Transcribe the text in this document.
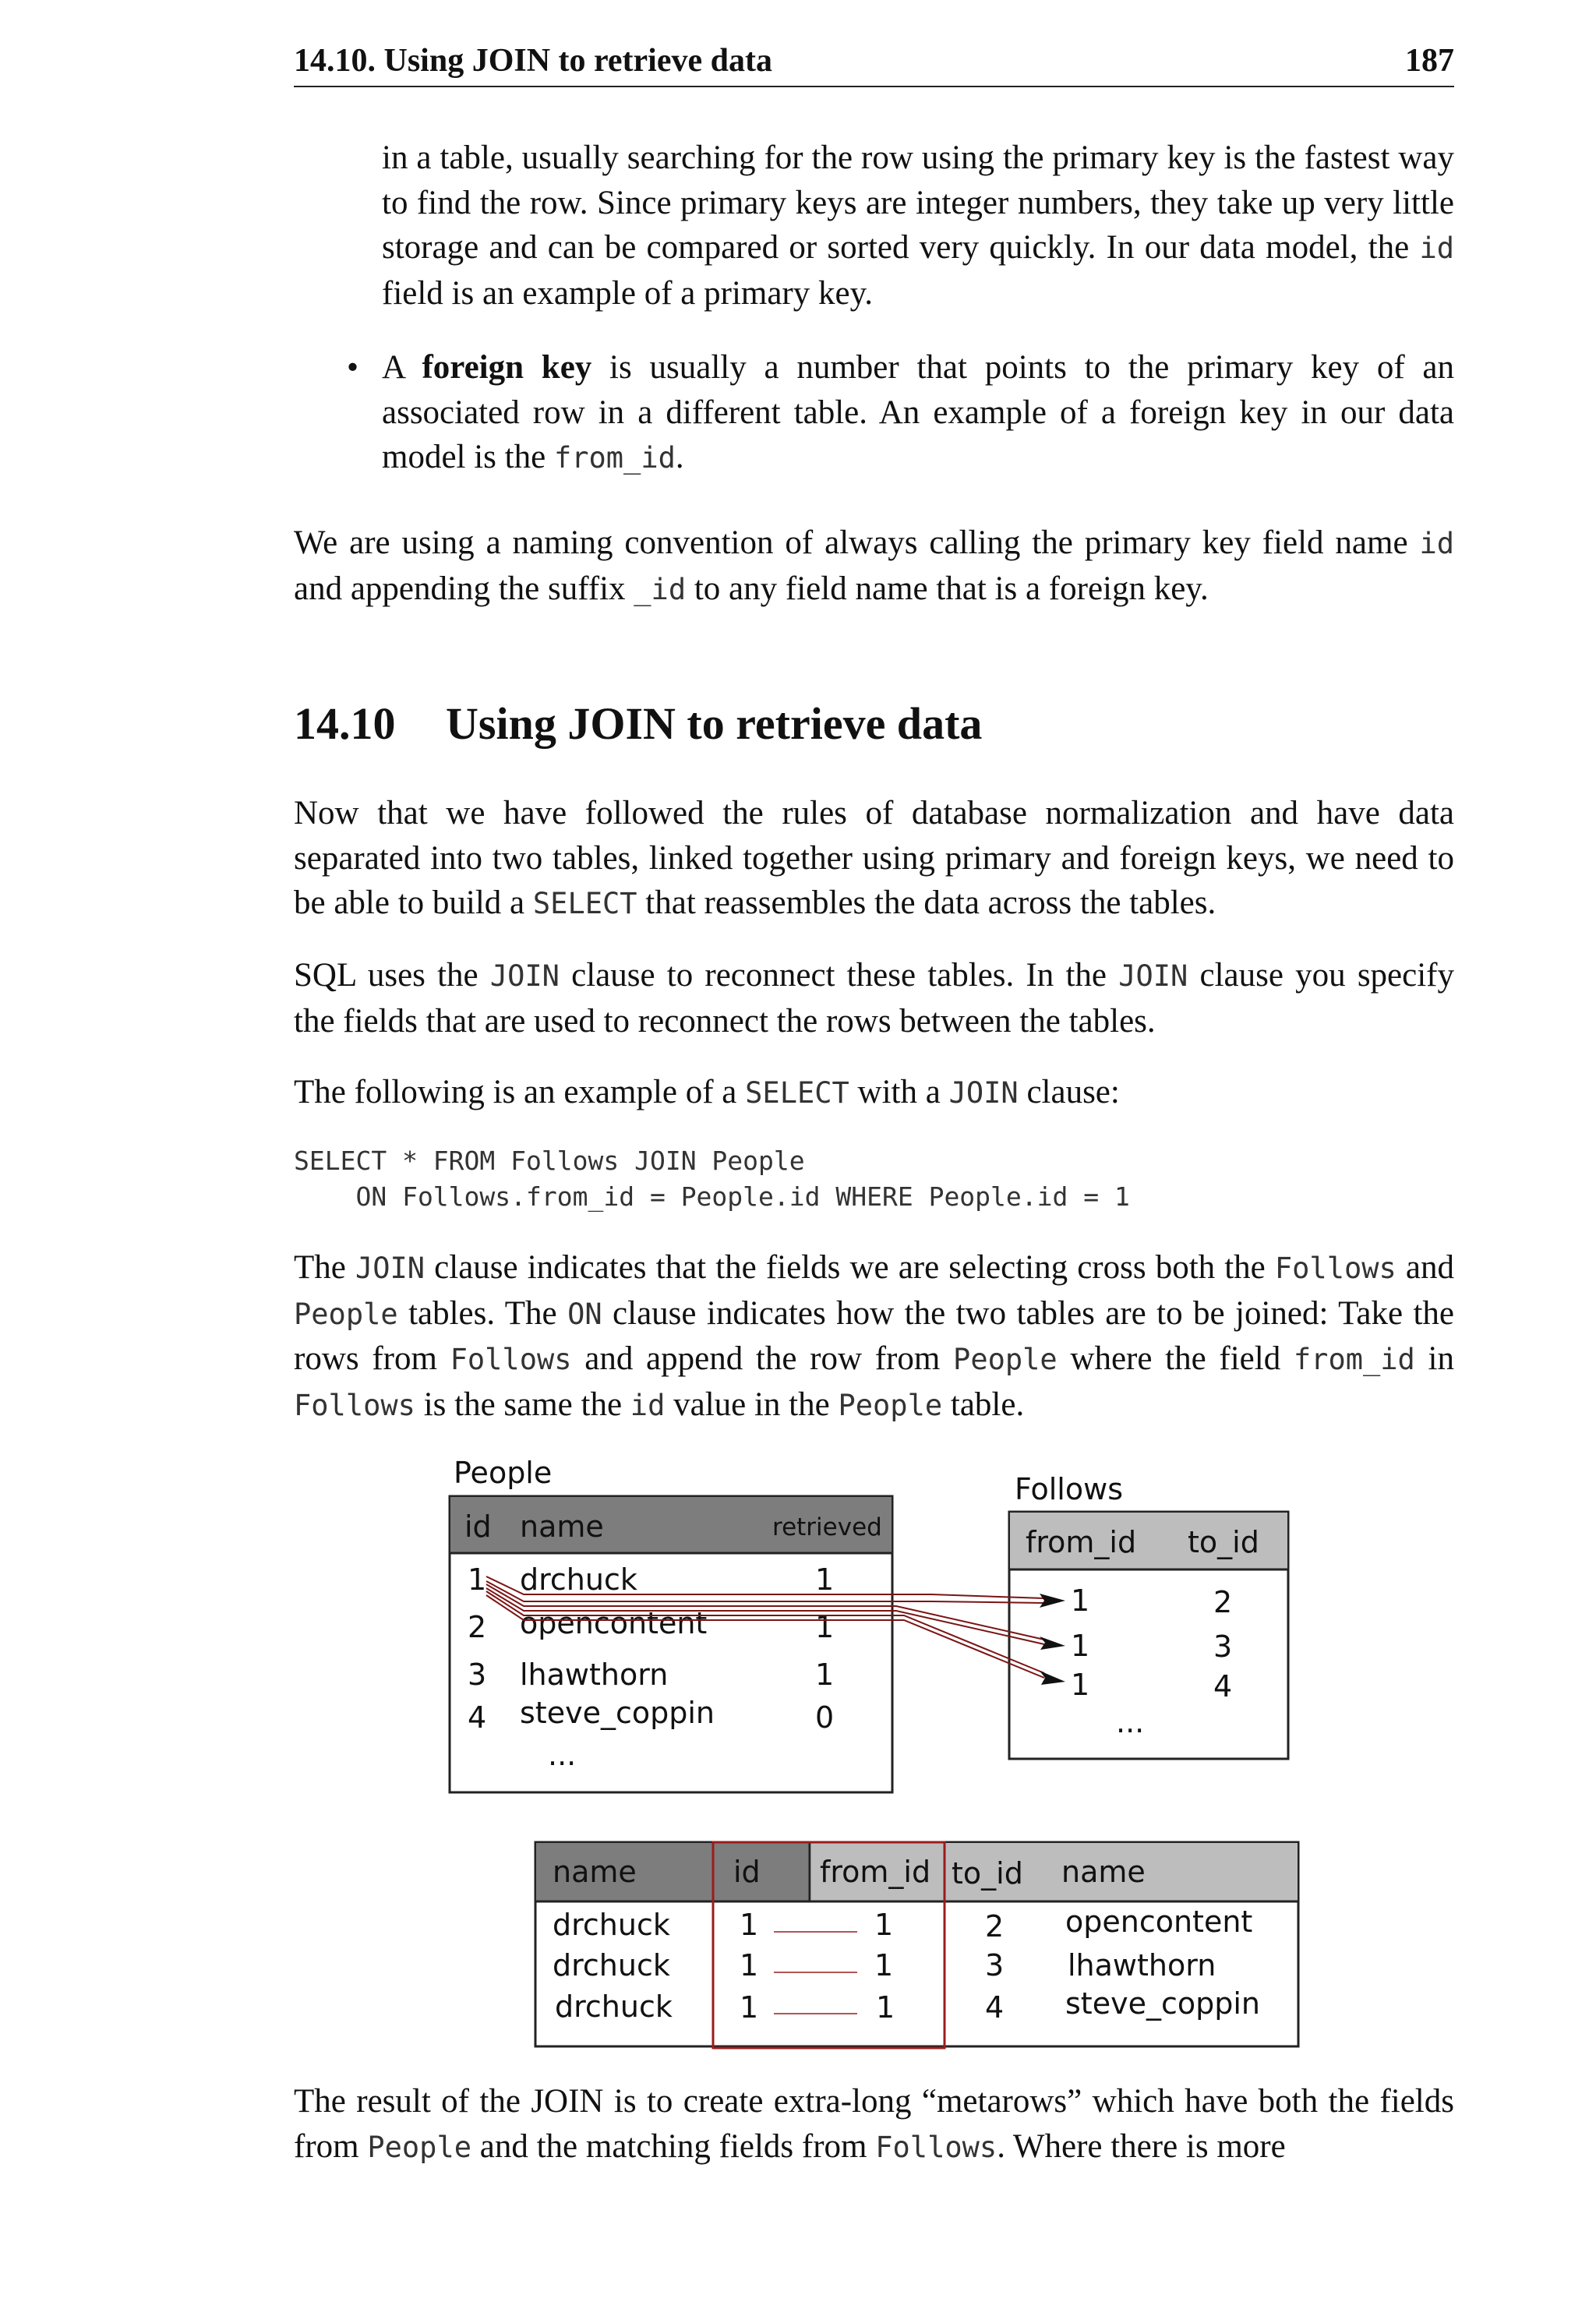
14.10. Using JOIN to retrieve data	187
in a table, usually searching for the row using the primary key is the fastest way to find the row. Since primary keys are integer numbers, they take up very little storage and can be compared or sorted very quickly. In our data model, the id field is an example of a primary key.
• A foreign key is usually a number that points to the primary key of an associated row in a different table. An example of a foreign key in our data model is the from_id.
We are using a naming convention of always calling the primary key field name id and appending the suffix _id to any field name that is a foreign key.
14.10 Using JOIN to retrieve data
Now that we have followed the rules of database normalization and have data separated into two tables, linked together using primary and foreign keys, we need to be able to build a SELECT that reassembles the data across the tables.
SQL uses the JOIN clause to reconnect these tables. In the JOIN clause you specify the fields that are used to reconnect the rows between the tables.
The following is an example of a SELECT with a JOIN clause:
SELECT * FROM Follows JOIN People
ON Follows.from_id = People.id WHERE People.id = 1
The JOIN clause indicates that the fields we are selecting cross both the Follows and People tables. The ON clause indicates how the two tables are to be joined: Take the rows from Follows and append the row from People where the field from_id in Follows is the same the id value in the People table.
People
id name	retrieved
1 drchuck	1
2 opencontent	1
3 lhawthorn	1
4 steve_coppin	0
...
Follows
from_id to_id
1	2
1	3
1	4
...
name	id from_id to_id name
drchuck 1	1	2 opencontent
drchuck 1	1	3 lhawthorn
drchuck 1	1	4 steve_coppin
The result of the JOIN is to create extra-long “metarows” which have both the fields from People and the matching fields from Follows. Where there is more
